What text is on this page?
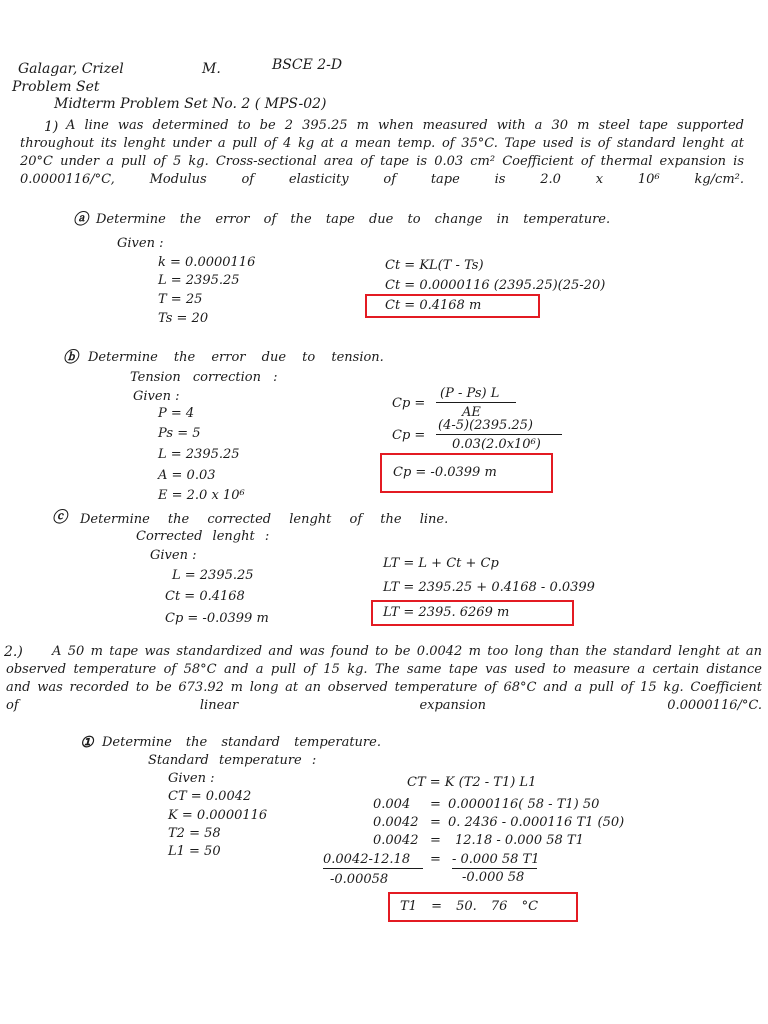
Galagar, Crizel	M.	BSCE 2-D
Problem Set
Midterm Problem Set No. 2 ( MPS-02)
1) A line was determined to be 2 395.25 m when measured with a 30 m steel tape supported throughout its lenght under a pull of 4 kg at a mean temp. of 35°C. Tape used is of standard lenght at 20°C under a pull of 5 kg. Cross-sectional area of tape is 0.03 cm² Coefficient of thermal expansion is 0.0000116/°C, Modulus of elasticity of tape is 2.0 x 10⁶ kg/cm².
ⓐ Determine the error of the tape due to change in temperature.
Given :
k = 0.0000116
L = 2395.25
T = 25
Ts = 20
Ct = KL(T - Ts)
Ct = 0.0000116 (2395.25)(25-20)
Ct = 0.4168 m
ⓑ Determine the error due to tension.
Tension correction :
Given :
P = 4
Ps = 5
L = 2395.25
A = 0.03
E = 2.0 x 10⁶
Cp =
(P - Ps) L
AE
Cp =
(4-5)(2395.25)
0.03(2.0x10⁶)
Cp = -0.0399 m
ⓒ Determine the corrected lenght of the line.
Corrected lenght :
Given :
L = 2395.25
Ct = 0.4168
Cp = -0.0399 m
LT = L + Ct + Cp
LT = 2395.25 + 0.4168 - 0.0399
LT = 2395. 6269 m
2.)	A 50 m tape was standardized and was found to be 0.0042 m too long than the standard lenght at an observed temperature of 58°C and a pull of 15 kg. The same tape vas used to measure a certain distance and was recorded to be 673.92 m long at an observed temperature of 68°C and a pull of 15 kg. Coefficient of linear expansion 0.0000116/°C.
① Determine the standard temperature.
Standard temperature :
Given :
CT = 0.0042
K = 0.0000116
T2 = 58
L1 = 50
CT = K (T2 - T1) L1
0.004 = 0.0000116( 58 - T1) 50
0.0042 = 0. 2436 - 0.000116 T1 (50)
0.0042 = 12.18 - 0.000 58 T1
0.0042-12.18 = - 0.000 58 T1
-0.00058	-0.000 58
T1 = 50. 76 °C
